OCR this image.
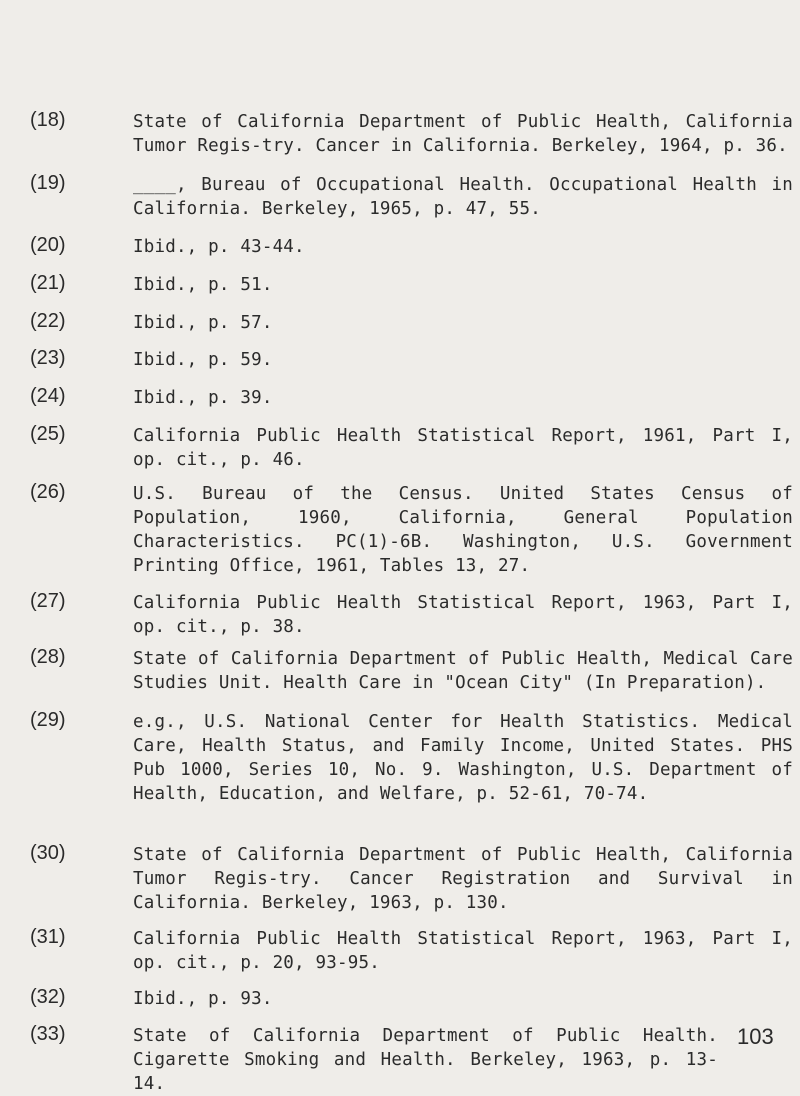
(18)	State of California Department of Public Health, California Tumor Regis-try. Cancer in California. Berkeley, 1964, p. 36.
(19)	____, Bureau of Occupational Health. Occupational Health in California. Berkeley, 1965, p. 47, 55.
(20)	Ibid., p. 43-44.
(21)	Ibid., p. 51.
(22)	Ibid., p. 57.
(23)	Ibid., p. 59.
(24)	Ibid., p. 39.
(25)	California Public Health Statistical Report, 1961, Part I, op. cit., p. 46.
(26)	U.S. Bureau of the Census. United States Census of Population, 1960, California, General Population Characteristics. PC(1)-6B. Washington, U.S. Government Printing Office, 1961, Tables 13, 27.
(27)	California Public Health Statistical Report, 1963, Part I, op. cit., p. 38.
(28)	State of California Department of Public Health, Medical Care Studies Unit. Health Care in "Ocean City" (In Preparation).
(29)	e.g., U.S. National Center for Health Statistics. Medical Care, Health Status, and Family Income, United States. PHS Pub 1000, Series 10, No. 9. Washington, U.S. Department of Health, Education, and Welfare, p. 52-61, 70-74.
(30)	State of California Department of Public Health, California Tumor Regis-try. Cancer Registration and Survival in California. Berkeley, 1963, p. 130.
(31)	California Public Health Statistical Report, 1963, Part I, op. cit., p. 20, 93-95.
(32)	Ibid., p. 93.
(33)	State of California Department of Public Health. Cigarette Smoking and Health. Berkeley, 1963, p. 13-14.
103
